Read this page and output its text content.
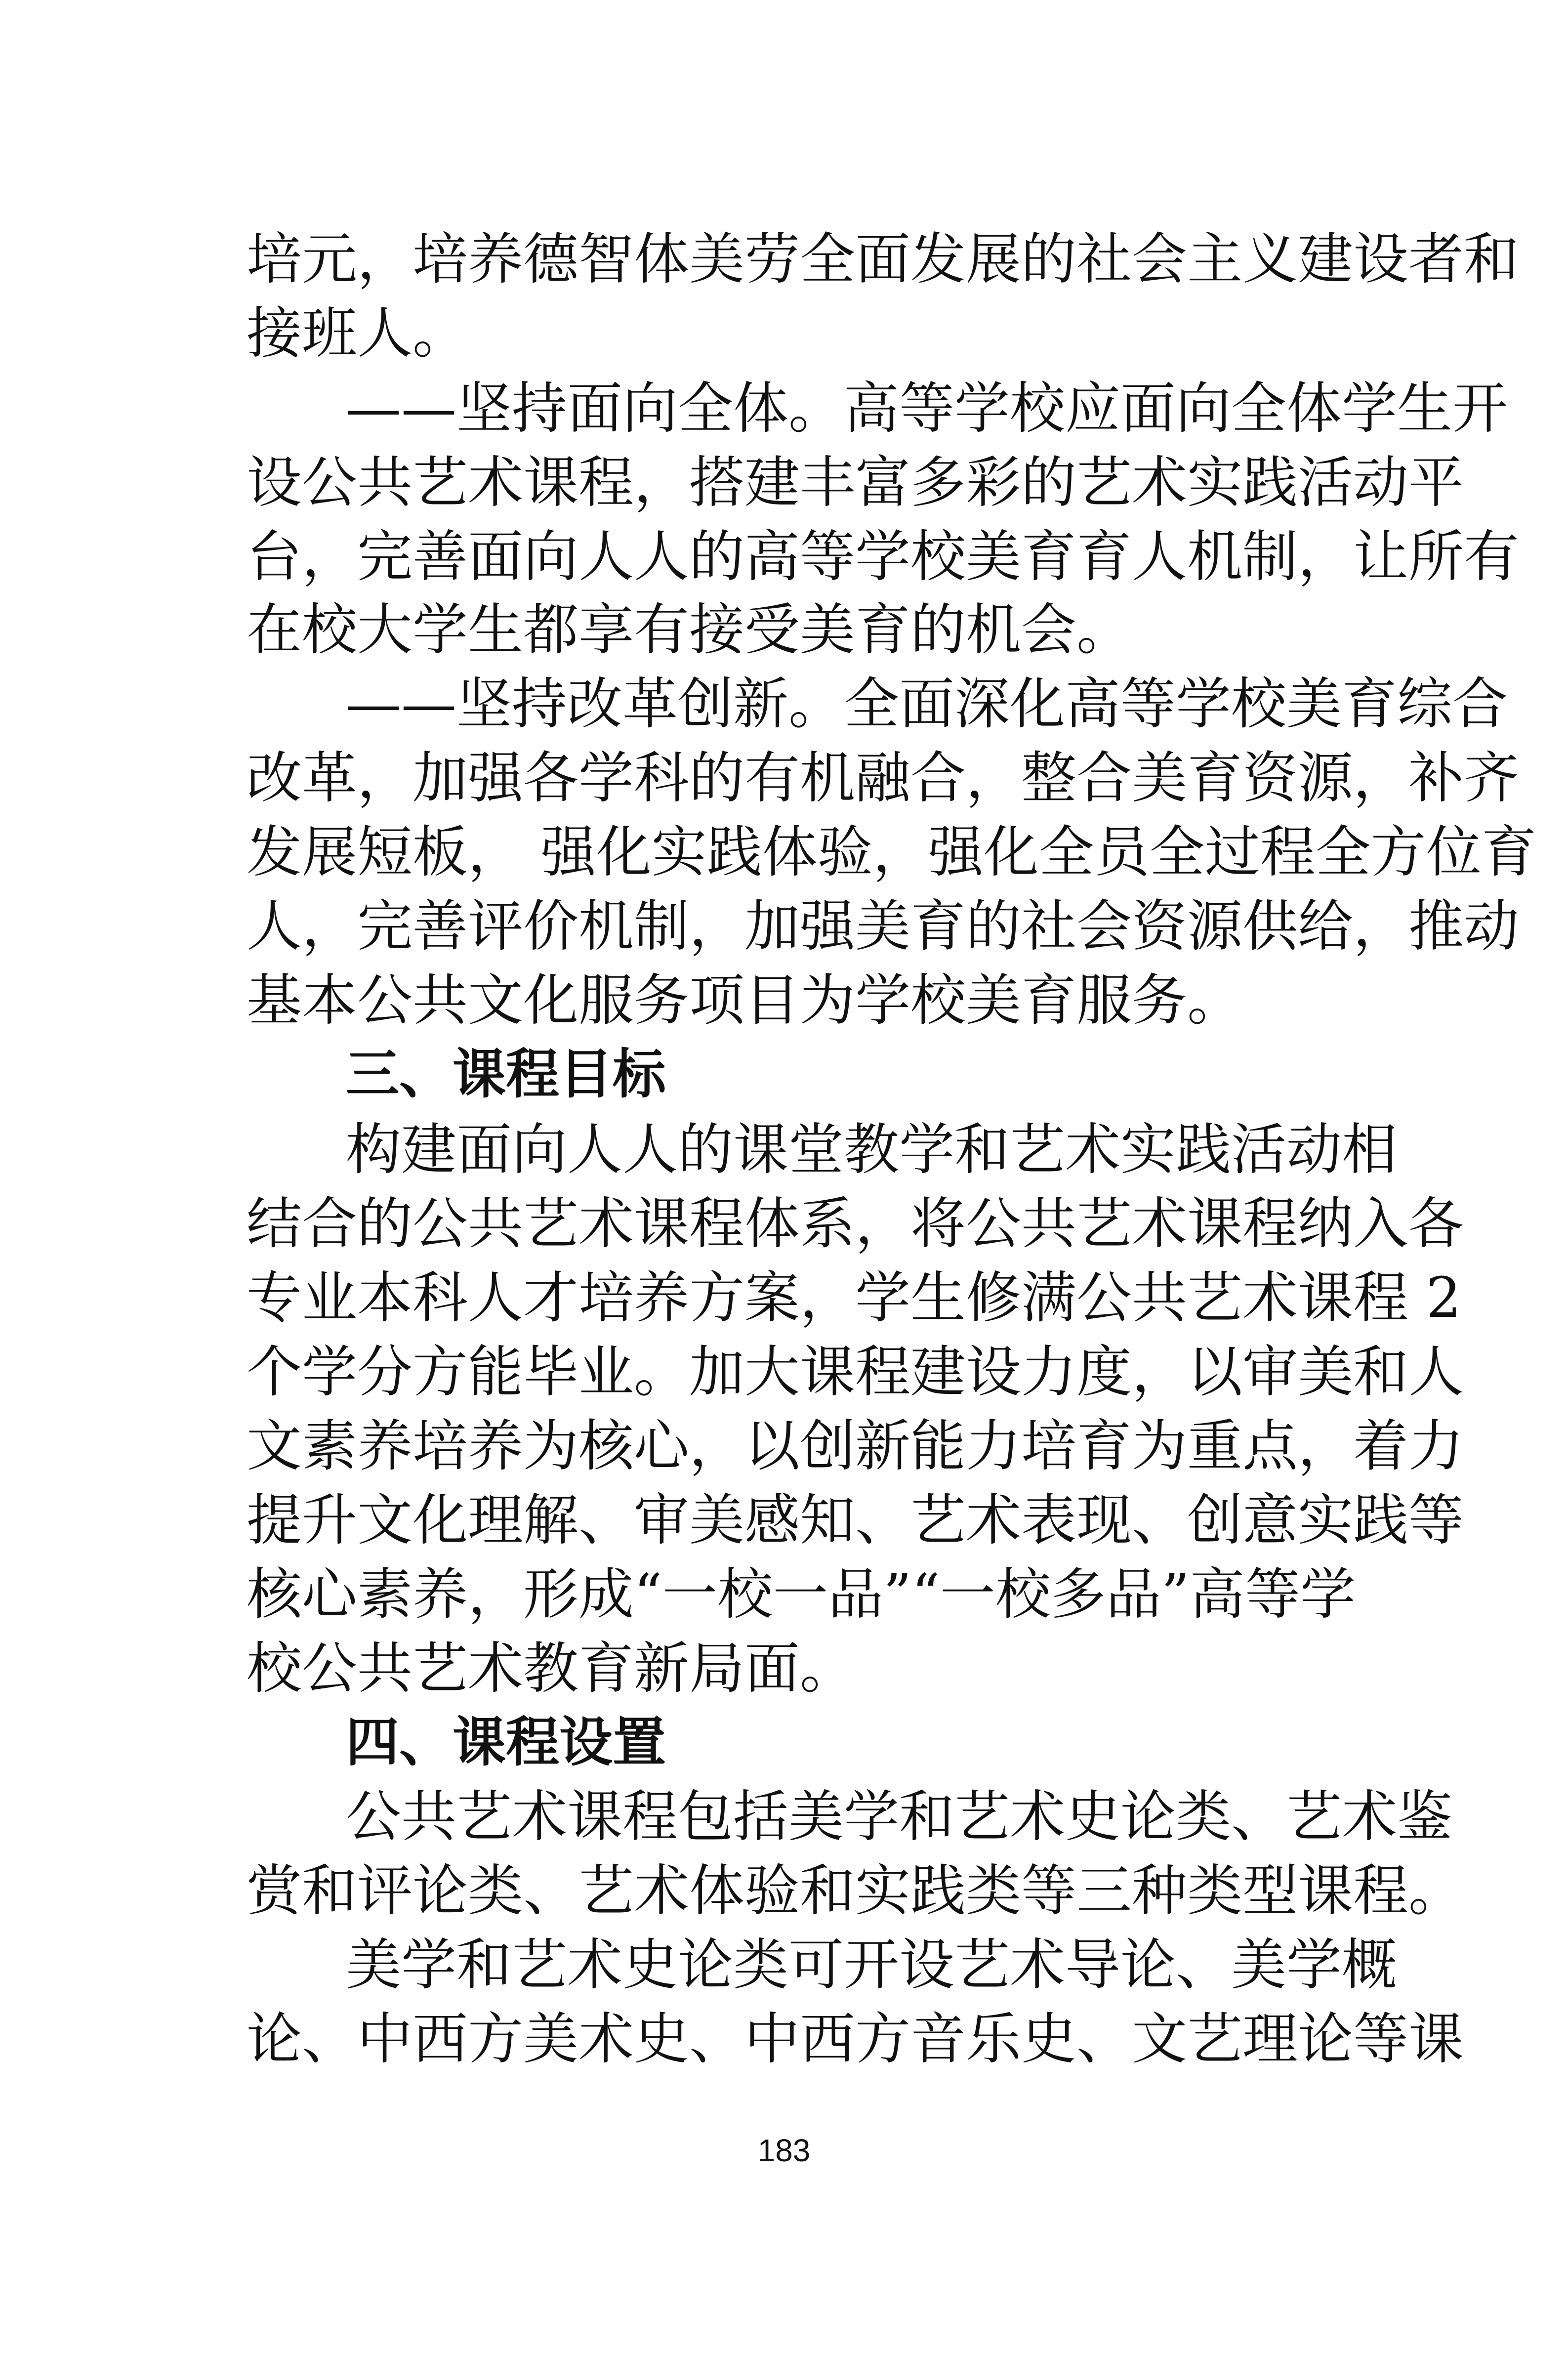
培元，培养德智体美劳全面发展的社会主义建设者和
接班人。
——坚持面向全体。高等学校应面向全体学生开
设公共艺术课程，搭建丰富多彩的艺术实践活动平
台，完善面向人人的高等学校美育育人机制，让所有
在校大学生都享有接受美育的机会。
——坚持改革创新。全面深化高等学校美育综合
改革，加强各学科的有机融合，整合美育资源，补齐
发展短板， 强化实践体验，强化全员全过程全方位育
人，完善评价机制，加强美育的社会资源供给，推动
基本公共文化服务项目为学校美育服务。
三、课程目标
构建面向人人的课堂教学和艺术实践活动相
结合的公共艺术课程体系，将公共艺术课程纳入各
专业本科人才培养方案，学生修满公共艺术课程 2
个学分方能毕业。加大课程建设力度，以审美和人
文素养培养为核心，以创新能力培育为重点，着力
提升文化理解、审美感知、艺术表现、创意实践等
核心素养，形成“一校一品”“一校多品”高等学
校公共艺术教育新局面。
四、课程设置
公共艺术课程包括美学和艺术史论类、艺术鉴
赏和评论类、艺术体验和实践类等三种类型课程。
美学和艺术史论类可开设艺术导论、美学概
论、中西方美术史、中西方音乐史、文艺理论等课
183
